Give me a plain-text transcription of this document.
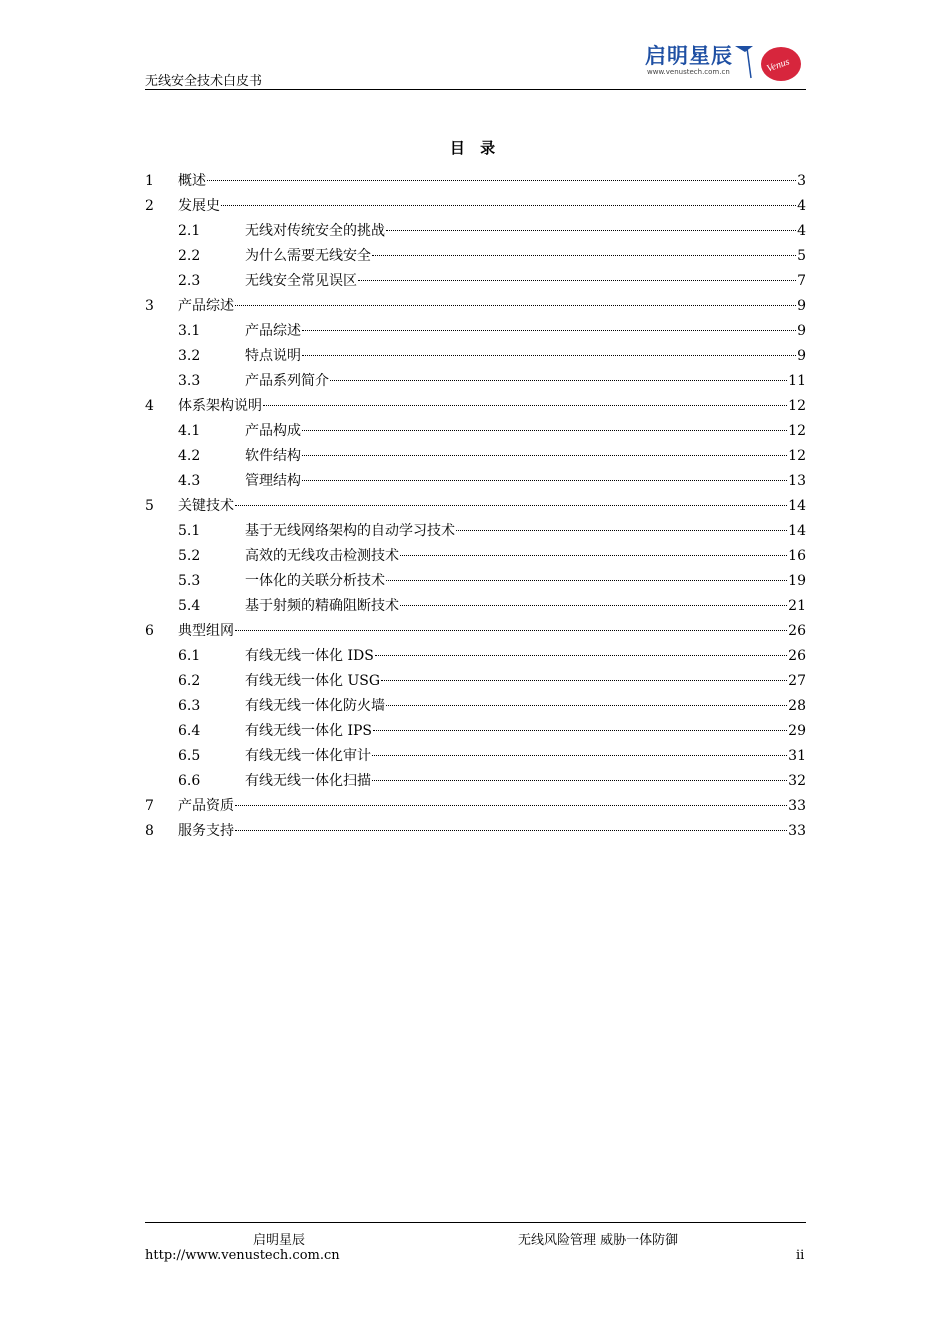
无线安全技术白皮书
启明星辰
www.venustech.com.cn	Venus
目 录
1	概述	3
2	发展史	4
2.1	无线对传统安全的挑战	4
2.2	为什么需要无线安全	5
2.3	无线安全常见误区	7
3	产品综述	9
3.1	产品综述	9
3.2	特点说明	9
3.3	产品系列简介	11
4	体系架构说明	12
4.1	产品构成	12
4.2	软件结构	12
4.3	管理结构	13
5	关键技术	14
5.1	基于无线网络架构的自动学习技术	14
5.2	高效的无线攻击检测技术	16
5.3	一体化的关联分析技术	19
5.4	基于射频的精确阻断技术	21
6	典型组网	26
6.1	有线无线一体化 IDS	26
6.2	有线无线一体化 USG	27
6.3	有线无线一体化防火墙	28
6.4	有线无线一体化 IPS	29
6.5	有线无线一体化审计	31
6.6	有线无线一体化扫描	32
7	产品资质	33
8	服务支持	33
启明星辰	无线风险管理 威胁一体防御
http://www.venustech.com.cn	ii
